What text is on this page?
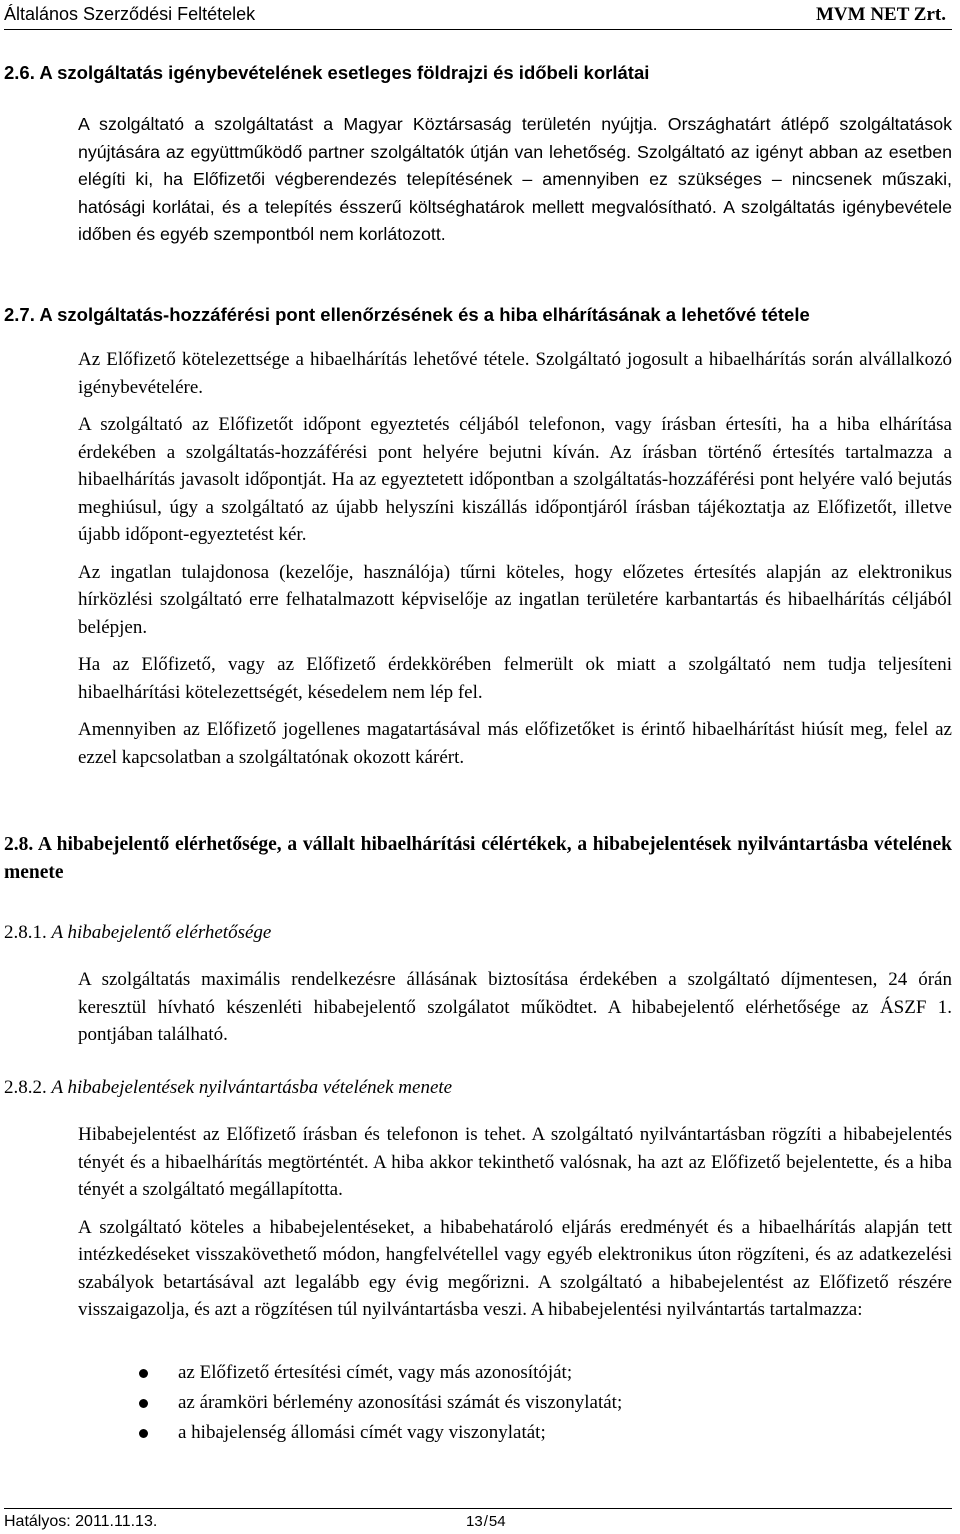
Általános Szerződési Feltételek	MVM NET Zrt.
2.6. A szolgáltatás igénybevételének esetleges földrajzi és időbeli korlátai

A szolgáltató a szolgáltatást a Magyar Köztársaság területén nyújtja. Országhatárt átlépő szolgáltatások nyújtására az együttműködő partner szolgáltatók útján van lehetőség. Szolgáltató az igényt abban az esetben elégíti ki, ha Előfizetői végberendezés telepítésének – amennyiben ez szükséges – nincsenek műszaki, hatósági korlátai, és a telepítés ésszerű költséghatárok mellett megvalósítható. A szolgáltatás igénybevétele időben és egyéb szempontból nem korlátozott.

2.7. A szolgáltatás-hozzáférési pont ellenőrzésének és a hiba elhárításának a lehetővé tétele

Az Előfizető kötelezettsége a hibaelhárítás lehetővé tétele. Szolgáltató jogosult a hibaelhárítás során alvállalkozó igénybevételére.

A szolgáltató az Előfizetőt időpont egyeztetés céljából telefonon, vagy írásban értesíti, ha a hiba elhárítása érdekében a szolgáltatás-hozzáférési pont helyére bejutni kíván. Az írásban történő értesítés tartalmazza a hibaelhárítás javasolt időpontját. Ha az egyeztetett időpontban a szolgáltatás-hozzáférési pont helyére való bejutás meghiúsul, úgy a szolgáltató az újabb helyszíni kiszállás időpontjáról írásban tájékoztatja az Előfizetőt, illetve újabb időpont-egyeztetést kér.

Az ingatlan tulajdonosa (kezelője, használója) tűrni köteles, hogy előzetes értesítés alapján az elektronikus hírközlési szolgáltató erre felhatalmazott képviselője az ingatlan területére karbantartás és hibaelhárítás céljából belépjen.

Ha az Előfizető, vagy az Előfizető érdekkörében felmerült ok miatt a szolgáltató nem tudja teljesíteni hibaelhárítási kötelezettségét, késedelem nem lép fel.

Amennyiben az Előfizető jogellenes magatartásával más előfizetőket is érintő hibaelhárítást hiúsít meg, felel az ezzel kapcsolatban a szolgáltatónak okozott kárért.

2.8. A hibabejelentő elérhetősége, a vállalt hibaelhárítási célértékek, a hibabejelentések nyilvántartásba vételének menete
2.8.1. A hibabejelentő elérhetősége

A szolgáltatás maximális rendelkezésre állásának biztosítása érdekében a szolgáltató díjmentesen, 24 órán keresztül hívható készenléti hibabejelentő szolgálatot működtet. A hibabejelentő elérhetősége az ÁSZF 1. pontjában található.

2.8.2. A hibabejelentések nyilvántartásba vételének menete

Hibabejelentést az Előfizető írásban és telefonon is tehet. A szolgáltató nyilvántartásban rögzíti a hibabejelentés tényét és a hibaelhárítás megtörténtét. A hiba akkor tekinthető valósnak, ha azt az Előfizető bejelentette, és a hiba tényét a szolgáltató megállapította.

A szolgáltató köteles a hibabejelentéseket, a hibabehatároló eljárás eredményét és a hibaelhárítás alapján tett intézkedéseket visszakövethető módon, hangfelvétellel vagy egyéb elektronikus úton rögzíteni, és az adatkezelési szabályok betartásával azt legalább egy évig megőrizni. A szolgáltató a hibabejelentést az Előfizető részére visszaigazolja, és azt a rögzítésen túl nyilvántartásba veszi. A hibabejelentési nyilvántartás tartalmazza:

az Előfizető értesítési címét, vagy más azonosítóját;
az áramköri bérlemény azonosítási számát és viszonylatát;
a hibajelenség állomási címét vagy viszonylatát;
Hatályos: 2011.11.13.	13/54
